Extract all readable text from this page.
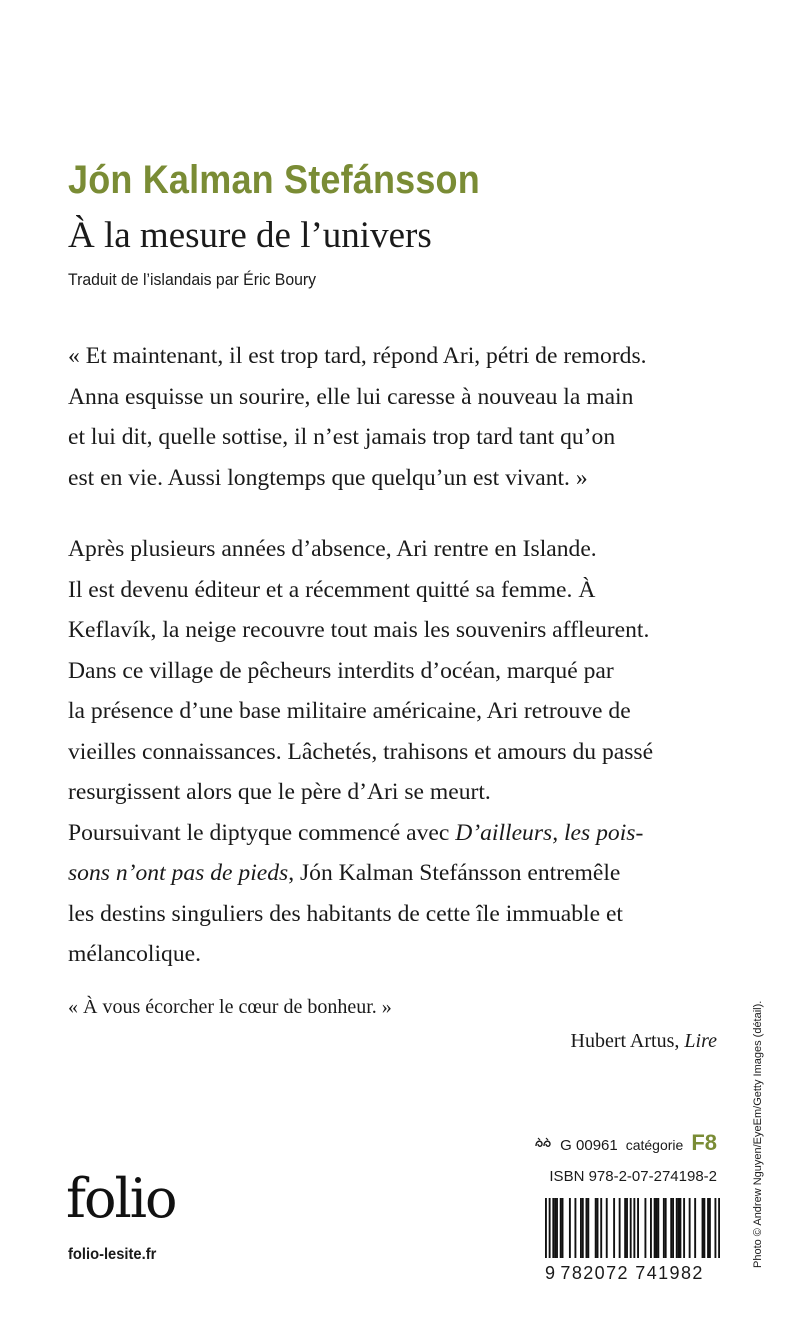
Jón Kalman Stefánsson
À la mesure de l’univers
Traduit de l’islandais par Éric Boury
« Et maintenant, il est trop tard, répond Ari, pétri de remords.
Anna esquisse un sourire, elle lui caresse à nouveau la main
et lui dit, quelle sottise, il n’est jamais trop tard tant qu’on
est en vie. Aussi longtemps que quelqu’un est vivant. »
Après plusieurs années d’absence, Ari rentre en Islande.
Il est devenu éditeur et a récemment quitté sa femme. À
Keflavík, la neige recouvre tout mais les souvenirs affleurent.
Dans ce village de pêcheurs interdits d’océan, marqué par
la présence d’une base militaire américaine, Ari retrouve de
vieilles connaissances. Lâchetés, trahisons et amours du passé
resurgissent alors que le père d’Ari se meurt.
Poursuivant le diptyque commencé avec D’ailleurs, les pois-
sons n’ont pas de pieds, Jón Kalman Stefánsson entremêle
les destins singuliers des habitants de cette île immuable et
mélancolique.
« À vous écorcher le cœur de bonheur. »
Hubert Artus, Lire	Photo © Andrew Nguyen/EyeEm/Getty Images (détail).
folio
folio-lesite.fr
G 00961 catégorie F8
ISBN 978-2-07-274198-2
9 782072 741982
